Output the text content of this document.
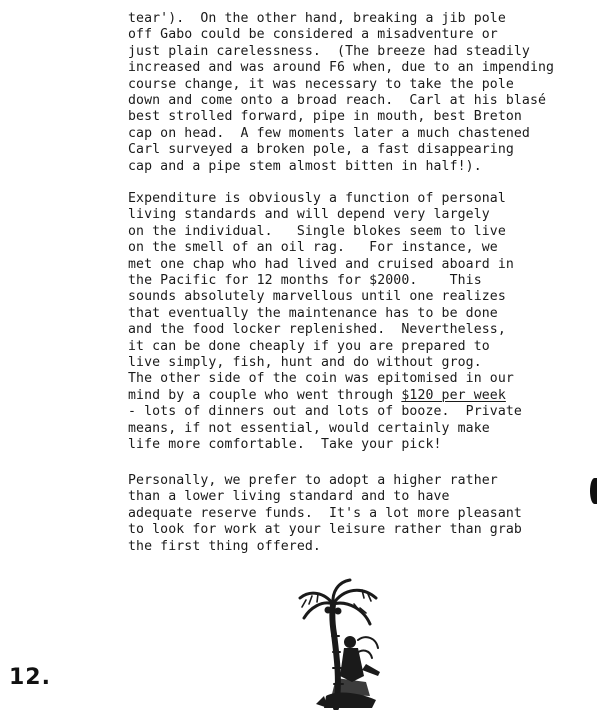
tear').  On the other hand, breaking a jib pole
off Gabo could be considered a misadventure or
just plain carelessness.  (The breeze had steadily
increased and was around F6 when, due to an impending
course change, it was necessary to take the pole
down and come onto a broad reach.  Carl at his blasé
best strolled forward, pipe in mouth, best Breton
cap on head.  A few moments later a much chastened
Carl surveyed a broken pole, a fast disappearing
cap and a pipe stem almost bitten in half!).

Expenditure is obviously a function of personal
living standards and will depend very largely
on the individual.   Single blokes seem to live
on the smell of an oil rag.   For instance, we
met one chap who had lived and cruised aboard in
the Pacific for 12 months for $2000.    This
sounds absolutely marvellous until one realizes
that eventually the maintenance has to be done
and the food locker replenished.  Nevertheless,
it can be done cheaply if you are prepared to
live simply, fish, hunt and do without grog.
The other side of the coin was epitomised in our
mind by a couple who went through $120 per week
- lots of dinners out and lots of booze.  Private
means, if not essential, would certainly make
life more comfortable.  Take your pick!

Personally, we prefer to adopt a higher rather
than a lower living standard and to have
adequate reserve funds.  It's a lot more pleasant
to look for work at your leisure rather than grab
the first thing offered.

12.
